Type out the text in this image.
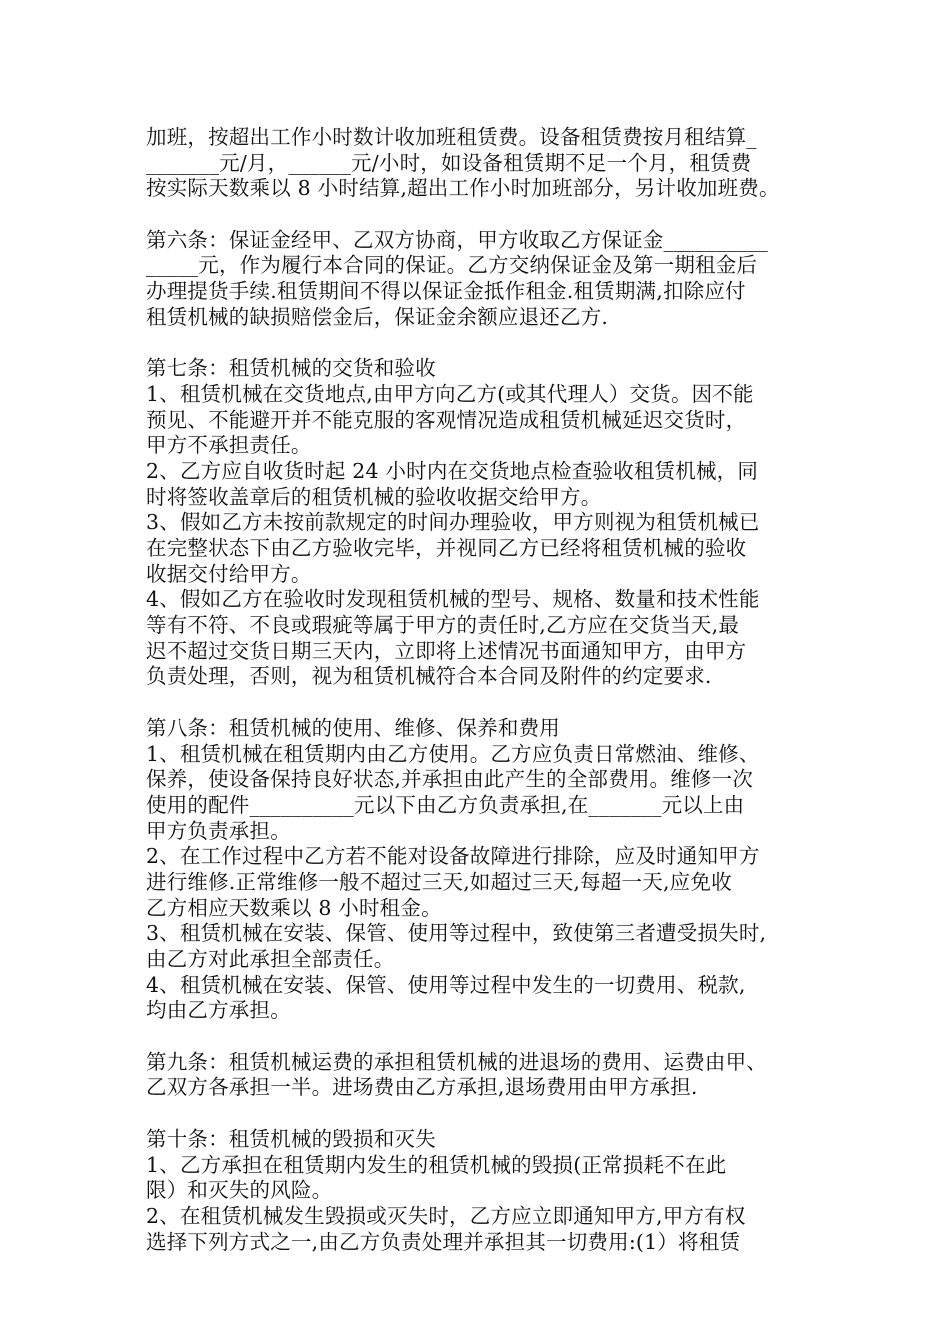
加班，按超出工作小时数计收加班租赁费。设备租赁费按月租结算_
_______元/月，______元/小时，如设备租赁期不足一个月，租赁费
按实际天数乘以 8 小时结算,超出工作小时加班部分，另计收加班费。
第六条：保证金经甲、乙双方协商，甲方收取乙方保证金__________
_____元，作为履行本合同的保证。乙方交纳保证金及第一期租金后
办理提货手续.租赁期间不得以保证金抵作租金.租赁期满,扣除应付
租赁机械的缺损赔偿金后，保证金余额应退还乙方.
第七条：租赁机械的交货和验收
1、租赁机械在交货地点,由甲方向乙方(或其代理人）交货。因不能
预见、不能避开并不能克服的客观情况造成租赁机械延迟交货时，
甲方不承担责任。
2、乙方应自收货时起 24 小时内在交货地点检查验收租赁机械，同
时将签收盖章后的租赁机械的验收收据交给甲方。
3、假如乙方未按前款规定的时间办理验收，甲方则视为租赁机械已
在完整状态下由乙方验收完毕，并视同乙方已经将租赁机械的验收
收据交付给甲方。
4、假如乙方在验收时发现租赁机械的型号、规格、数量和技术性能
等有不符、不良或瑕疵等属于甲方的责任时,乙方应在交货当天,最
迟不超过交货日期三天内，立即将上述情况书面通知甲方，由甲方
负责处理，否则，视为租赁机械符合本合同及附件的约定要求.
第八条：租赁机械的使用、维修、保养和费用
1、租赁机械在租赁期内由乙方使用。乙方应负责日常燃油、维修、
保养，使设备保持良好状态,并承担由此产生的全部费用。维修一次
使用的配件__________元以下由乙方负责承担,在_______元以上由
甲方负责承担。
2、在工作过程中乙方若不能对设备故障进行排除，应及时通知甲方
进行维修.正常维修一般不超过三天,如超过三天,每超一天,应免收
乙方相应天数乘以 8 小时租金。
3、租赁机械在安装、保管、使用等过程中，致使第三者遭受损失时,
由乙方对此承担全部责任。
4、租赁机械在安装、保管、使用等过程中发生的一切费用、税款,
均由乙方承担。
第九条：租赁机械运费的承担租赁机械的进退场的费用、运费由甲、
乙双方各承担一半。进场费由乙方承担,退场费用由甲方承担.
第十条：租赁机械的毁损和灭失
1、乙方承担在租赁期内发生的租赁机械的毁损(正常损耗不在此
限）和灭失的风险。
2、在租赁机械发生毁损或灭失时，乙方应立即通知甲方,甲方有权
选择下列方式之一,由乙方负责处理并承担其一切费用:(1）将租赁
